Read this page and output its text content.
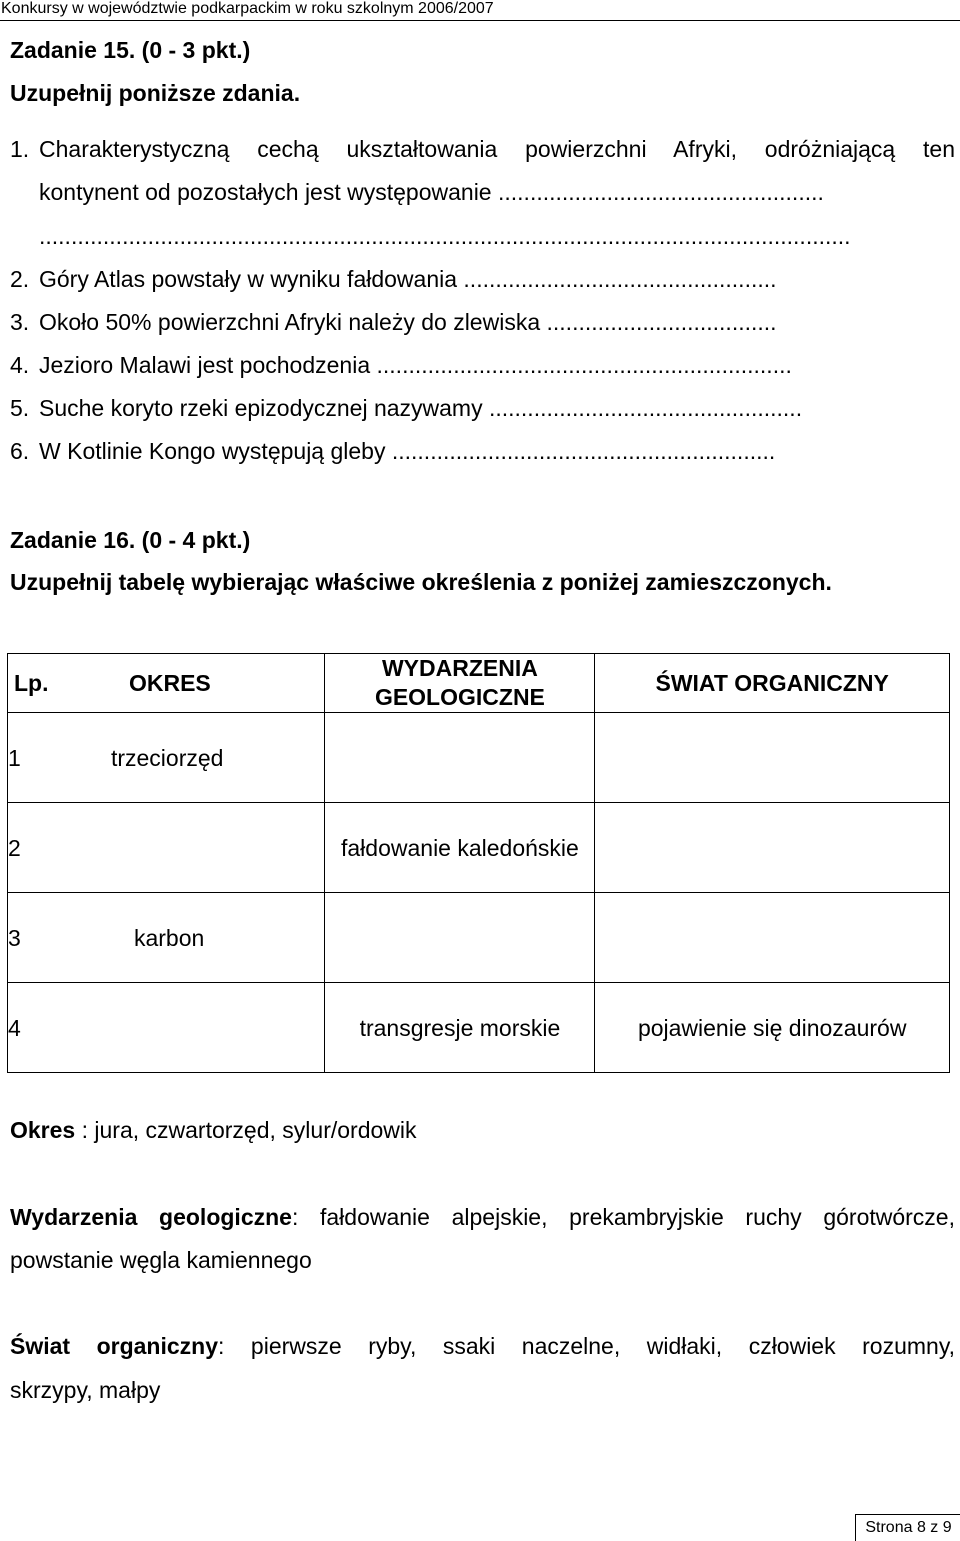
Konkursy w województwie podkarpackim w roku szkolnym 2006/2007
Zadanie 15. (0 - 3 pkt.)
Uzupełnij poniższe zdania.
1. Charakterystyczną cechą ukształtowania powierzchni Afryki, odróżniającą ten
kontynent od pozostałych jest występowanie ...................................................
...............................................................................................................................
2. Góry Atlas powstały w wyniku fałdowania .................................................
3. Około 50% powierzchni Afryki należy do zlewiska ....................................
4. Jezioro Malawi jest pochodzenia .................................................................
5. Suche koryto rzeki epizodycznej nazywamy .................................................
6. W Kotlinie Kongo występują gleby ............................................................
Zadanie 16. (0 - 4 pkt.)
Uzupełnij tabelę wybierając właściwe określenia z poniżej zamieszczonych.
Lp.	OKRES	WYDARZENIA
GEOLOGICZNE	ŚWIAT ORGANICZNY
1	trzeciorzęd		
2		fałdowanie kaledońskie	
3	karbon		
4		transgresje morskie	pojawienie się dinozaurów
Okres : jura, czwartorzęd, sylur/ordowik
Wydarzenia geologiczne: fałdowanie alpejskie, prekambryjskie ruchy górotwórcze,
powstanie węgla kamiennego
Świat organiczny: pierwsze ryby, ssaki naczelne, widłaki, człowiek rozumny,
skrzypy, małpy
Strona 8 z 9
